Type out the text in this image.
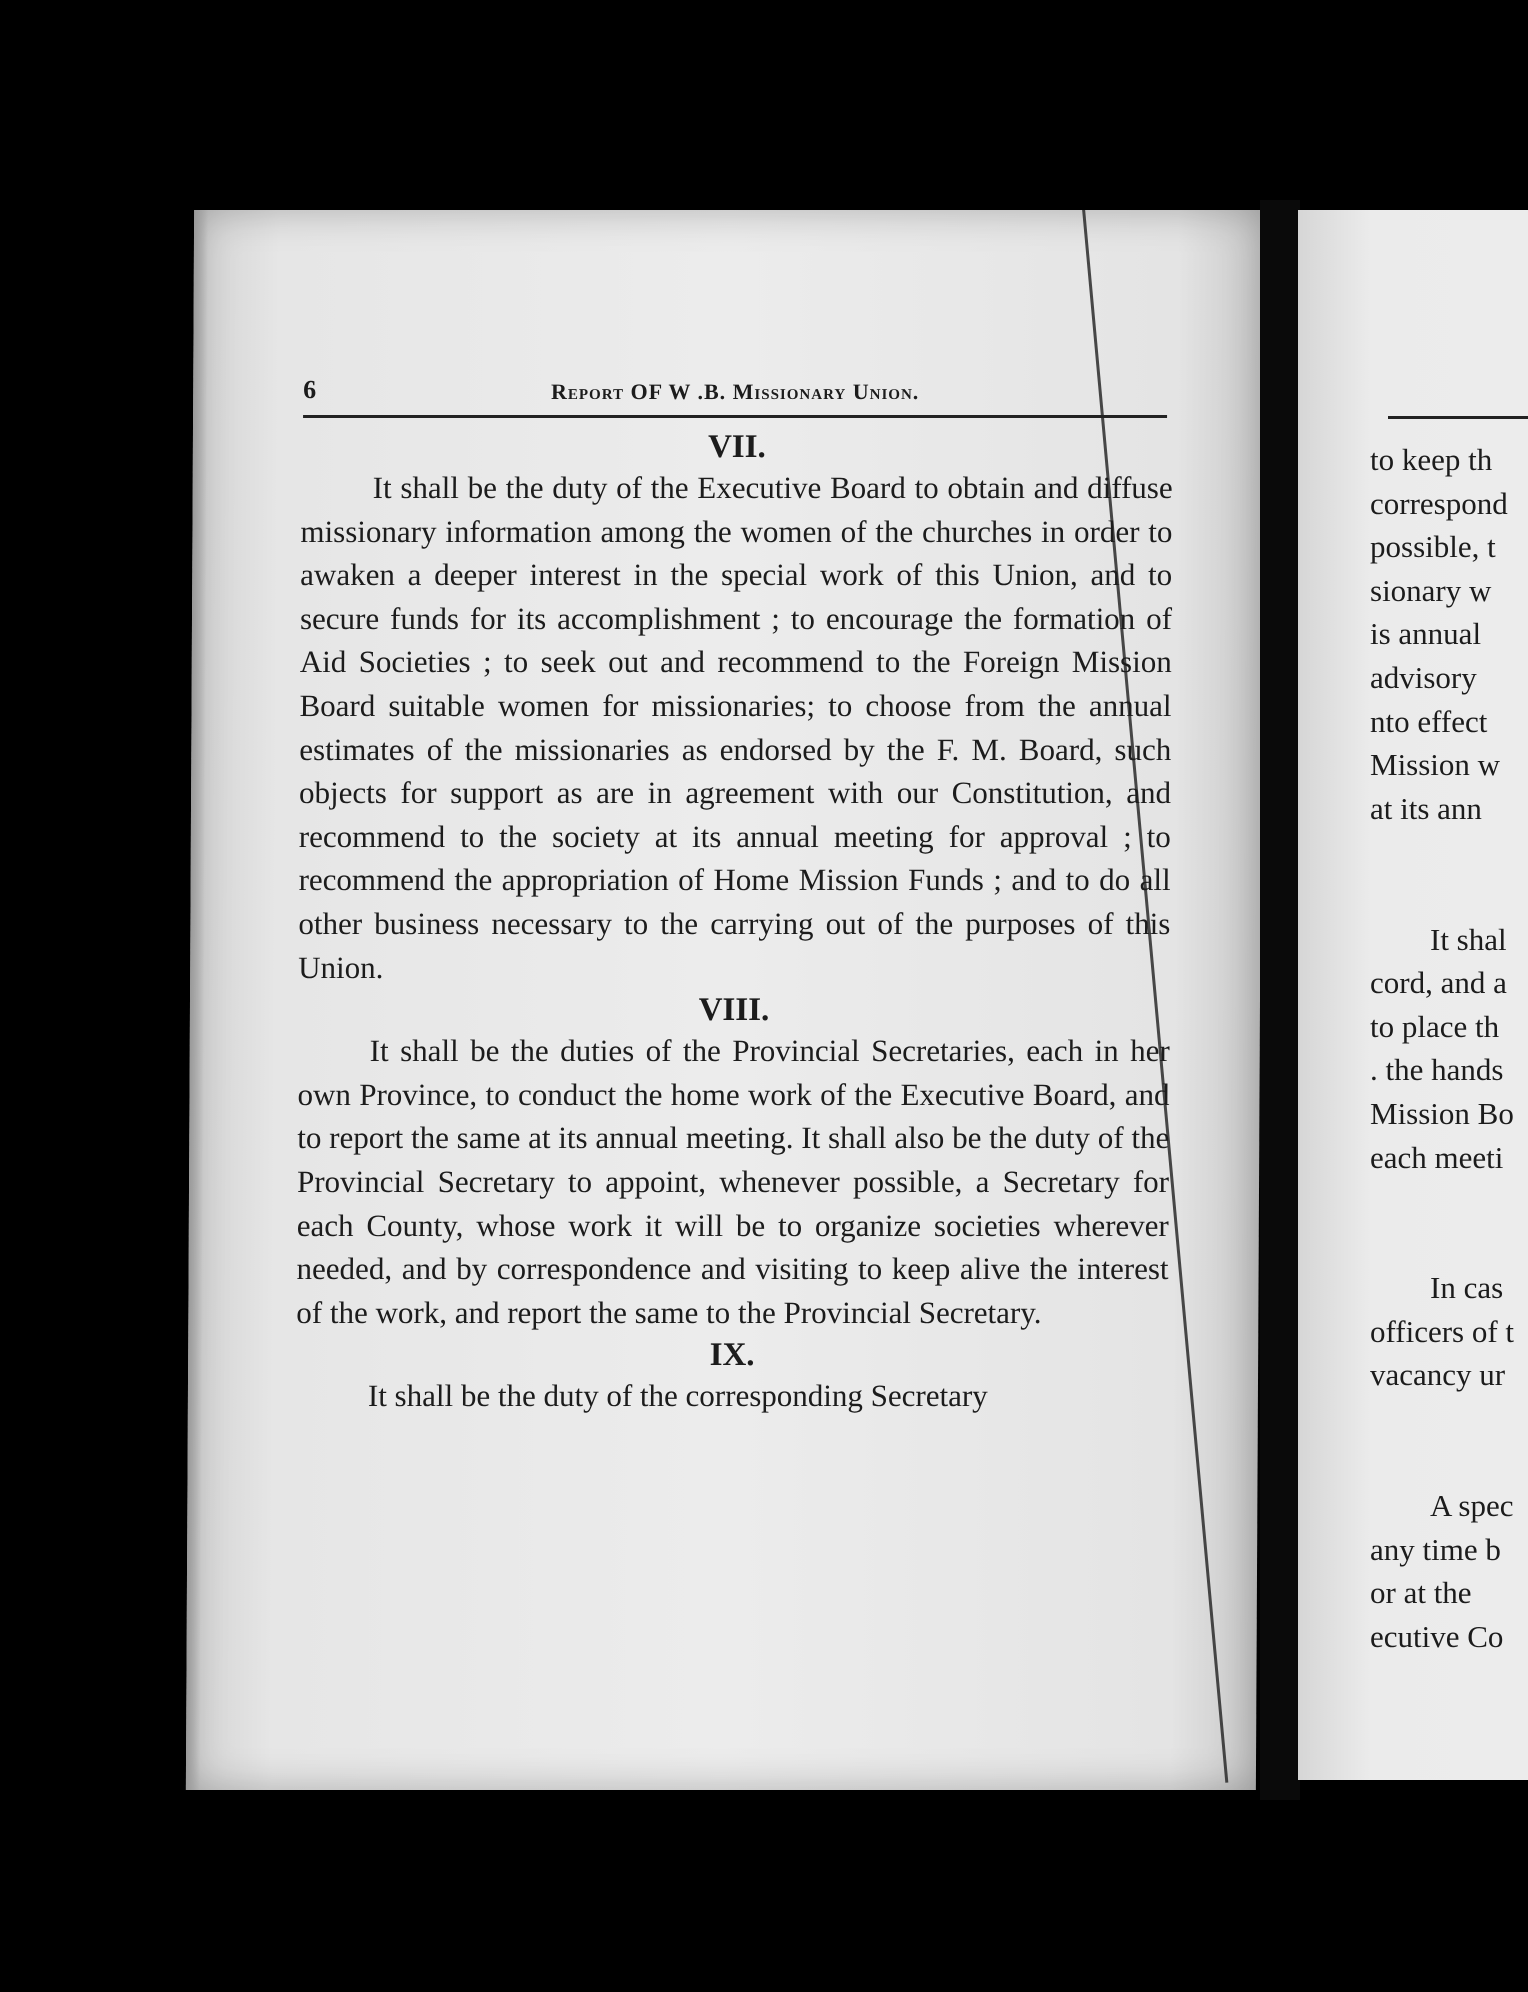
6	Report OF W .B. Missionary Union.
VII.

It shall be the duty of the Executive Board to obtain and diffuse missionary information among the women of the churches in order to awaken a deeper interest in the special work of this Union, and to secure funds for its accomplishment ; to encourage the formation of Aid Societies ; to seek out and recommend to the Foreign Mission Board suitable women for missionaries; to choose from the annual estimates of the missionaries as endorsed by the F. M. Board, such objects for support as are in agreement with our Constitution, and recommend to the society at its annual meeting for approval ; to recommend the appropriation of Home Mission Funds ; and to do all other business necessary to the carrying out of the purposes of this Union.

VIII.

It shall be the duties of the Provincial Secretaries, each in her own Province, to conduct the home work of the Executive Board, and to report the same at its annual meeting. It shall also be the duty of the Provincial Secretary to appoint, whenever possible, a Secretary for each County, whose work it will be to organize societies wherever needed, and by correspondence and visiting to keep alive the interest of the work, and report the same to the Provincial Secretary.

IX.

It shall be the duty of the corresponding Secretary

to keep th
correspond
possible, t
sionary w
is annual
advisory
nto effect
Mission w
at its ann
It shal
cord, and a
to place th
. the hands
Mission Bo
each meeti
In cas
officers of t
vacancy ur
A spec
any time b
or at the
ecutive Co
